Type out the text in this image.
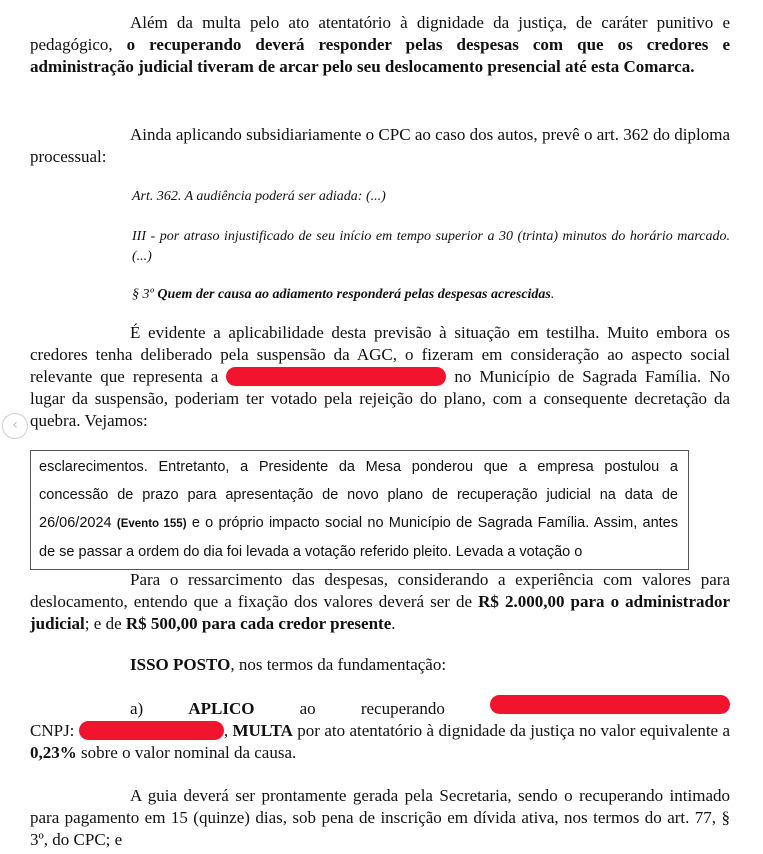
Além da multa pelo ato atentatório à dignidade da justiça, de caráter punitivo e pedagógico, o recuperando deverá responder pelas despesas com que os credores e administração judicial tiveram de arcar pelo seu deslocamento presencial até esta Comarca.

Ainda aplicando subsidiariamente o CPC ao caso dos autos, prevê o art. 362 do diploma processual:

Art. 362. A audiência poderá ser adiada: (...)

III - por atraso injustificado de seu início em tempo superior a 30 (trinta) minutos do horário marcado. (...)

§ 3º Quem der causa ao adiamento responderá pelas despesas acrescidas.

É evidente a aplicabilidade desta previsão à situação em testilha. Muito embora os credores tenha deliberado pela suspensão da AGC, o fizeram em consideração ao aspecto social relevante que representa a	no Município de Sagrada Família. No lugar da suspensão, poderiam ter votado pela rejeição do plano, com a consequente decretação da quebra. Vejamos:

esclarecimentos. Entretanto, a Presidente da Mesa ponderou que a empresa postulou a concessão de prazo para apresentação de novo plano de recuperação judicial na data de 26/06/2024 (Evento 155) e o próprio impacto social no Município de Sagrada Família. Assim, antes de se passar a ordem do dia foi levada a votação referido pleito. Levada a votação o

Para o ressarcimento das despesas, considerando a experiência com valores para deslocamento, entendo que a fixação dos valores deverá ser de R$ 2.000,00 para o administrador judicial; e de R$ 500,00 para cada credor presente.

ISSO POSTO, nos termos da fundamentação:

a)	APLICO	ao	recuperando

CNPJ:	, MULTA por ato atentatório à dignidade da justiça no valor equivalente a 0,23% sobre o valor nominal da causa.

A guia deverá ser prontamente gerada pela Secretaria, sendo o recuperando intimado para pagamento em 15 (quinze) dias, sob pena de inscrição em dívida ativa, nos termos do art. 77, § 3º, do CPC; e

‹
